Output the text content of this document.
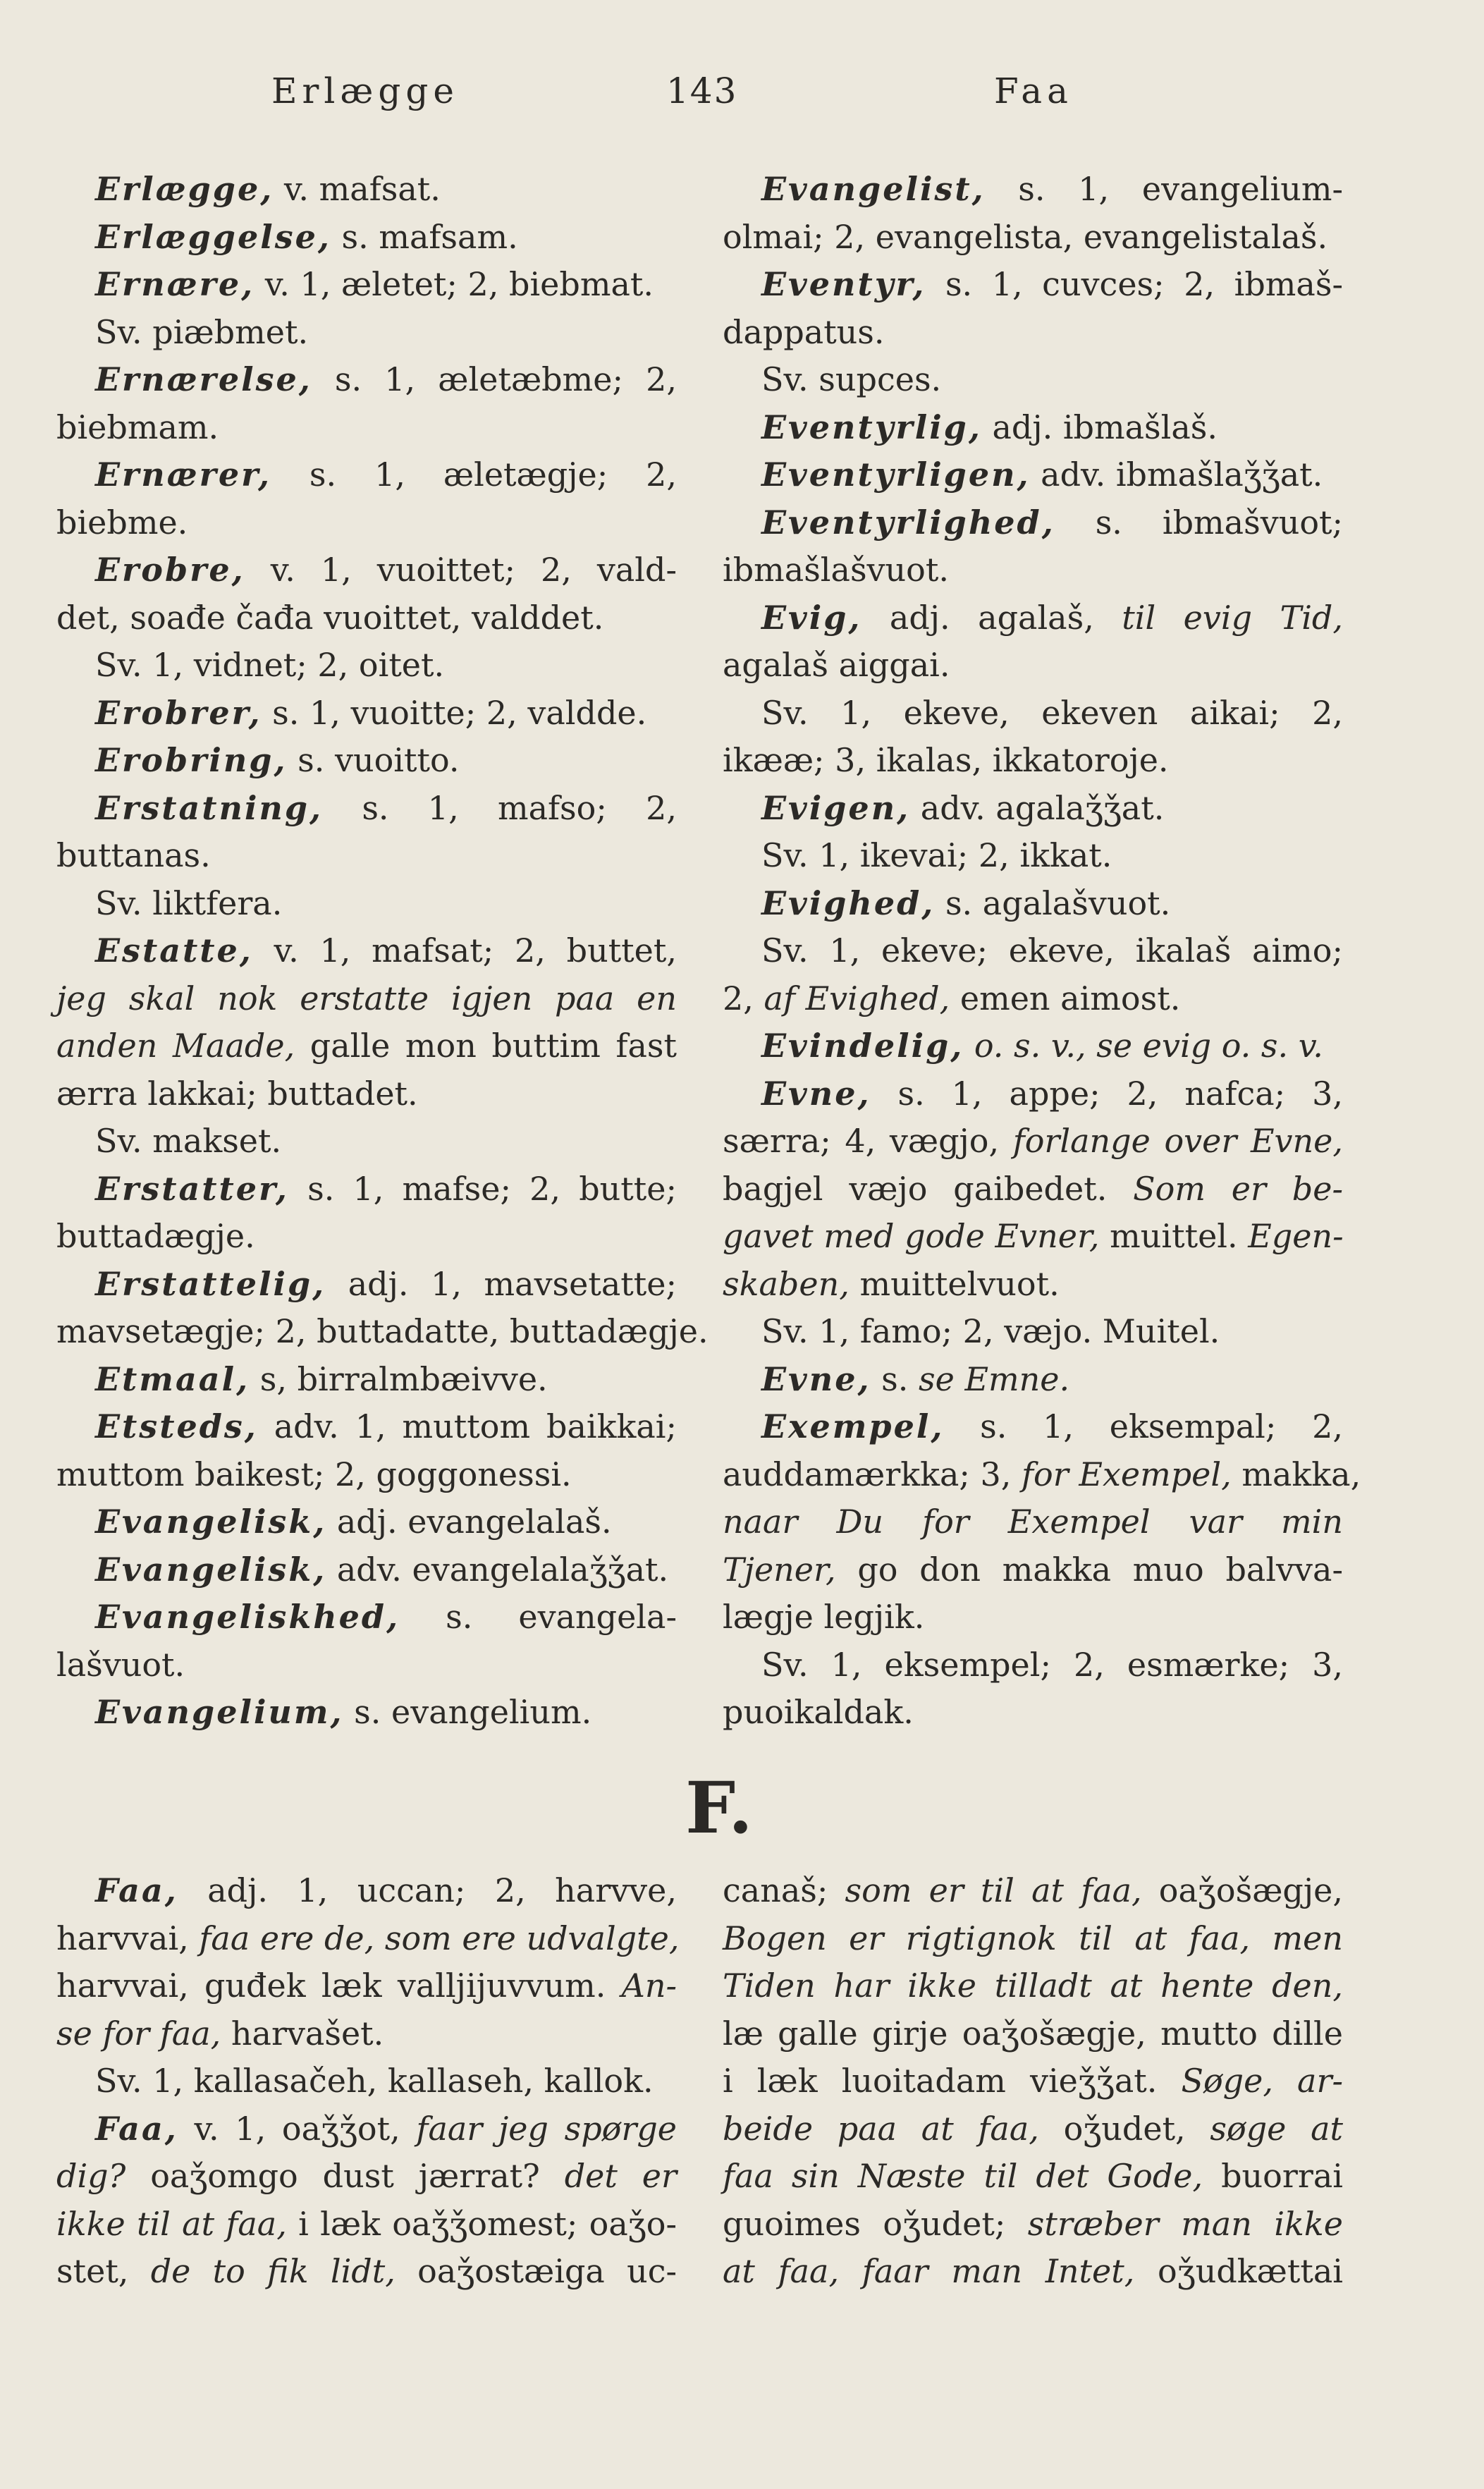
Erlægge	143	Faa
Erlægge, v. mafsat.
Erlæggelse, s. mafsam.
Ernære, v. 1, æletet; 2, biebmat.
Sv. piæbmet.
Ernærelse, s. 1, æletæbme; 2,
biebmam.
Ernærer, s. 1, æletægje; 2,
biebme.
Erobre, v. 1, vuoittet; 2, vald-
det, soađe čađa vuoittet, valddet.
Sv. 1, vidnet; 2, oitet.
Erobrer, s. 1, vuoitte; 2, valdde.
Erobring, s. vuoitto.
Erstatning, s. 1, mafso; 2,
buttanas.
Sv. liktfera.
Estatte, v. 1, mafsat; 2, buttet,
jeg skal nok erstatte igjen paa en
anden Maade, galle mon buttim fast
ærra lakkai; buttadet.
Sv. makset.
Erstatter, s. 1, mafse; 2, butte;
buttadægje.
Erstattelig, adj. 1, mavsetatte;
mavsetægje; 2, buttadatte, buttadægje.
Etmaal, s, birralmbæivve.
Etsteds, adv. 1, muttom baikkai;
muttom baikest; 2, goggonessi.
Evangelisk, adj. evangelalaš.
Evangelisk, adv. evangelalaǯǯat.
Evangeliskhed, s. evangela-
lašvuot.
Evangelium, s. evangelium.
Evangelist, s. 1, evangelium-
olmai; 2, evangelista, evangelistalaš.
Eventyr, s. 1, cuvces; 2, ibmaš-
dappatus.
Sv. supces.
Eventyrlig, adj. ibmašlaš.
Eventyrligen, adv. ibmašlaǯǯat.
Eventyrlighed, s. ibmašvuot;
ibmašlašvuot.
Evig, adj. agalaš, til evig Tid,
agalaš aiggai.
Sv. 1, ekeve, ekeven aikai; 2,
ikææ; 3, ikalas, ikkatoroje.
Evigen, adv. agalaǯǯat.
Sv. 1, ikevai; 2, ikkat.
Evighed, s. agalašvuot.
Sv. 1, ekeve; ekeve, ikalaš aimo;
2, af Evighed, emen aimost.
Evindelig, o. s. v., se evig o. s. v.
Evne, s. 1, appe; 2, nafca; 3,
særra; 4, vægjo, forlange over Evne,
bagjel væjo gaibedet. Som er be-
gavet med gode Evner, muittel. Egen-
skaben, muittelvuot.
Sv. 1, famo; 2, væjo. Muitel.
Evne, s. se Emne.
Exempel, s. 1, eksempal; 2,
auddamærkka; 3, for Exempel, makka,
naar Du for Exempel var min
Tjener, go don makka muo balvva-
lægje legjik.
Sv. 1, eksempel; 2, esmærke; 3,
puoikaldak.
F.
Faa, adj. 1, uccan; 2, harvve,
harvvai, faa ere de, som ere udvalgte,
harvvai, guđek læk valljijuvvum. An-
se for faa, harvašet.
Sv. 1, kallasačeh, kallaseh, kallok.
Faa, v. 1, oaǯǯot, faar jeg spørge
dig? oaǯomgo dust jærrat? det er
ikke til at faa, i læk oaǯǯomest; oaǯo-
stet, de to fik lidt, oaǯostæiga uc-
canaš; som er til at faa, oaǯošægje,
Bogen er rigtignok til at faa, men
Tiden har ikke tilladt at hente den,
læ galle girje oaǯošægje, mutto dille
i læk luoitadam vieǯǯat. Søge, ar-
beide paa at faa, oǯudet, søge at
faa sin Næste til det Gode, buorrai
guoimes oǯudet; stræber man ikke
at faa, faar man Intet, oǯudkættai
